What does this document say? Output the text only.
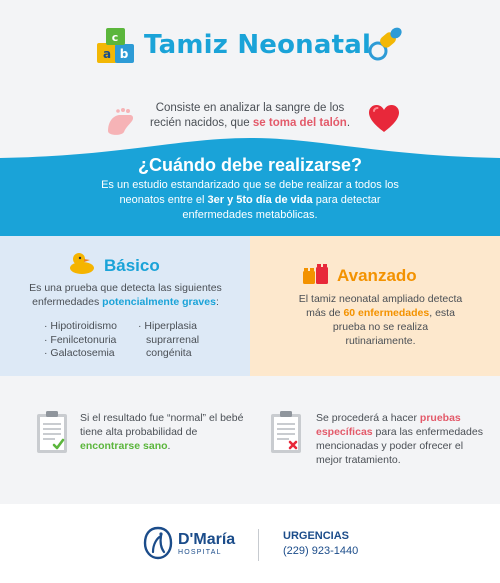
a b
c Tamiz Neonatal
Consiste en analizar la sangre de los recién nacidos, que se toma del talón.
¿Cuándo debe realizarse?
Es un estudio estandarizado que se debe realizar a todos los neonatos entre el 3er y 5to día de vida para detectar enfermedades metabólicas.
Básico
Es una prueba que detecta las siguientes enfermedades potencialmente graves:
· Hipotiroidismo
· Fenilcetonuria
· Galactosemia
· Hiperplasia
suprarrenal
congénita
Avanzado
El tamiz neonatal ampliado detecta más de 60 enfermedades, esta prueba no se realiza rutinariamente.
Si el resultado fue “normal” el bebé tiene alta probabilidad de encontrarse sano.
Se procederá a hacer pruebas específicas para las enfermedades mencionadas y poder ofrecer el mejor tratamiento.
D'María
HOSPITAL
URGENCIAS
(229) 923-1440
